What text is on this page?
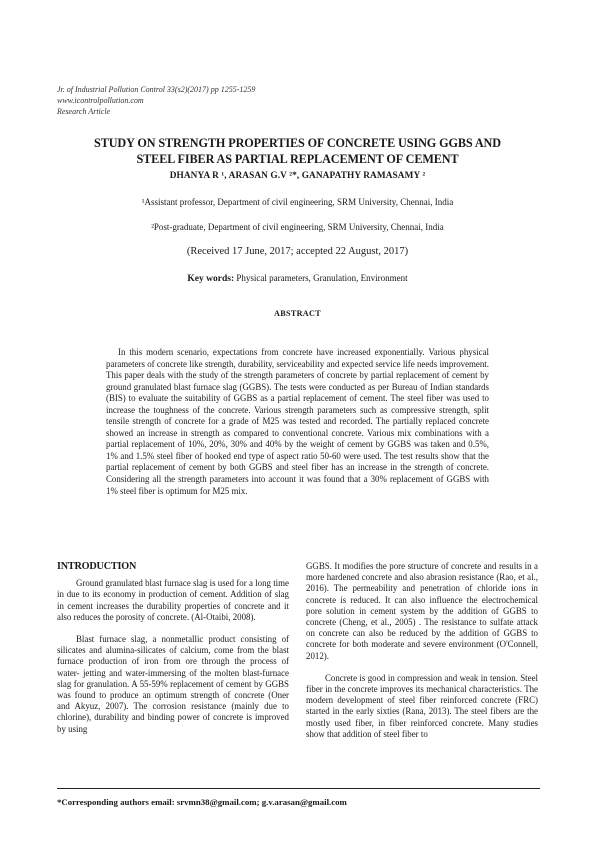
Jr. of Industrial Pollution Control 33(s2)(2017) pp 1255-1259
www.icontrolpollution.com
Research Article
STUDY ON STRENGTH PROPERTIES OF CONCRETE USING GGBS AND
STEEL FIBER AS PARTIAL REPLACEMENT OF CEMENT
DHANYA R ¹, ARASAN G.V ²*, GANAPATHY RAMASAMY ²
¹Assistant professor, Department of civil engineering, SRM University, Chennai, India
²Post-graduate, Department of civil engineering, SRM University, Chennai, India
(Received 17 June, 2017; accepted 22 August, 2017)
Key words: Physical parameters, Granulation, Environment
ABSTRACT
In this modern scenario, expectations from concrete have increased exponentially. Various physical parameters of concrete like strength, durability, serviceability and expected service life needs improvement. This paper deals with the study of the strength parameters of concrete by partial replacement of cement by ground granulated blast furnace slag (GGBS). The tests were conducted as per Bureau of Indian standards (BIS) to evaluate the suitability of GGBS as a partial replacement of cement. The steel fiber was used to increase the toughness of the concrete. Various strength parameters such as compressive strength, split tensile strength of concrete for a grade of M25 was tested and recorded. The partially replaced concrete showed an increase in strength as compared to conventional concrete. Various mix combinations with a partial replacement of 10%, 20%, 30% and 40% by the weight of cement by GGBS was taken and 0.5%, 1% and 1.5% steel fiber of hooked end type of aspect ratio 50-60 were used. The test results show that the partial replacement of cement by both GGBS and steel fiber has an increase in the strength of concrete. Considering all the strength parameters into account it was found that a 30% replacement of GGBS with 1% steel fiber is optimum for M25 mix.
INTRODUCTION

Ground granulated blast furnace slag is used for a long time in due to its economy in production of cement. Addition of slag in cement increases the durability properties of concrete and it also reduces the porosity of concrete. (Al-Otaibi, 2008).

Blast furnace slag, a nonmetallic product consisting of silicates and alumina-silicates of calcium, come from the blast furnace production of iron from ore through the process of water- jetting and water-immersing of the molten blast-furnace slag for granulation. A 55-59% replacement of cement by GGBS was found to produce an optimum strength of concrete (Oner and Akyuz, 2007). The corrosion resistance (mainly due to chlorine), durability and binding power of concrete is improved by using

GGBS. It modifies the pore structure of concrete and results in a more hardened concrete and also abrasion resistance (Rao, et al., 2016). The permeability and penetration of chloride ions in concrete is reduced. It can also influence the electrochemical pore solution in cement system by the addition of GGBS to concrete (Cheng, et al., 2005) . The resistance to sulfate attack on concrete can also be reduced by the addition of GGBS to concrete for both moderate and severe environment (O'Connell, 2012).

Concrete is good in compression and weak in tension. Steel fiber in the concrete improves its mechanical characteristics. The modern development of steel fiber reinforced concrete (FRC) started in the early sixties (Rana, 2013). The steel fibers are the mostly used fiber, in fiber reinforced concrete. Many studies show that addition of steel fiber to

*Corresponding authors email: srvmn38@gmail.com; g.v.arasan@gmail.com
